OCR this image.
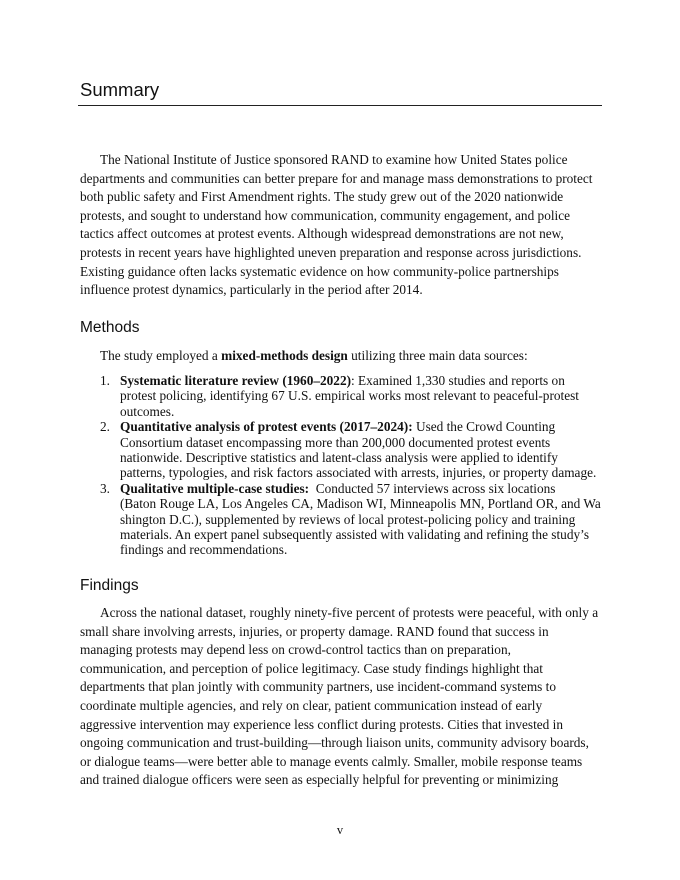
Summary

The National Institute of Justice sponsored RAND to examine how United States police
departments and communities can better prepare for and manage mass demonstrations to protect
both public safety and First Amendment rights. The study grew out of the 2020 nationwide
protests, and sought to understand how communication, community engagement, and police
tactics affect outcomes at protest events. Although widespread demonstrations are not new,
protests in recent years have highlighted uneven preparation and response across jurisdictions.
Existing guidance often lacks systematic evidence on how community-police partnerships
influence protest dynamics, particularly in the period after 2014.

Methods

The study employed a mixed-methods design utilizing three main data sources:

1. Systematic literature review (1960–2022): Examined 1,330 studies and reports on
protest policing, identifying 67 U.S. empirical works most relevant to peaceful-protest
outcomes.
2. Quantitative analysis of protest events (2017–2024): Used the Crowd Counting
Consortium dataset encompassing more than 200,000 documented protest events
nationwide. Descriptive statistics and latent-class analysis were applied to identify
patterns, typologies, and risk factors associated with arrests, injuries, or property damage.
3. Qualitative multiple-case studies:  Conducted 57 interviews across six locations
(Baton Rouge LA, Los Angeles CA, Madison WI, Minneapolis MN, Portland OR, and Wa
shington D.C.), supplemented by reviews of local protest-policing policy and training
materials. An expert panel subsequently assisted with validating and refining the study’s
findings and recommendations.
Findings

Across the national dataset, roughly ninety-five percent of protests were peaceful, with only a
small share involving arrests, injuries, or property damage. RAND found that success in
managing protests may depend less on crowd-control tactics than on preparation,
communication, and perception of police legitimacy. Case study findings highlight that
departments that plan jointly with community partners, use incident-command systems to
coordinate multiple agencies, and rely on clear, patient communication instead of early
aggressive intervention may experience less conflict during protests. Cities that invested in
ongoing communication and trust-building—through liaison units, community advisory boards,
or dialogue teams—were better able to manage events calmly. Smaller, mobile response teams
and trained dialogue officers were seen as especially helpful for preventing or minimizing

v
